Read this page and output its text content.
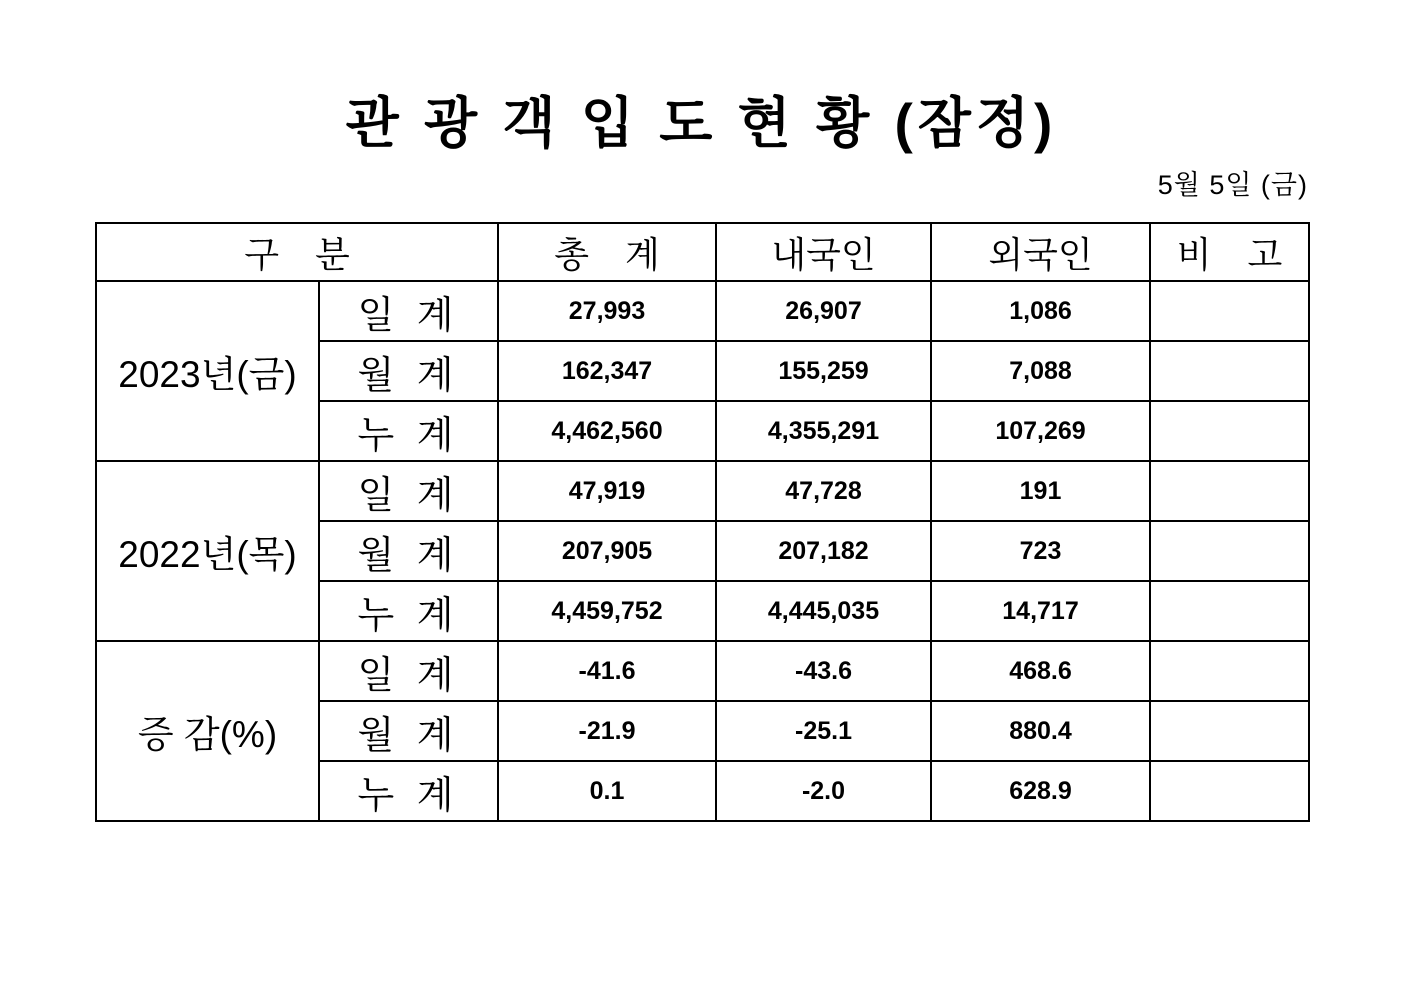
관 광 객 입 도 현 황 (잠정)
5월 5일 (금)
구　분		총　계	내국인	외국인	비　고
2023년(금)	일 계	27,993	26,907	1,086	
	월 계	162,347	155,259	7,088	
	누 계	4,462,560	4,355,291	107,269	
2022년(목)	일 계	47,919	47,728	191	
	월 계	207,905	207,182	723	
	누 계	4,459,752	4,445,035	14,717	
증 감(%)	일 계	-41.6	-43.6	468.6	
	월 계	-21.9	-25.1	880.4	
	누 계	0.1	-2.0	628.9	
